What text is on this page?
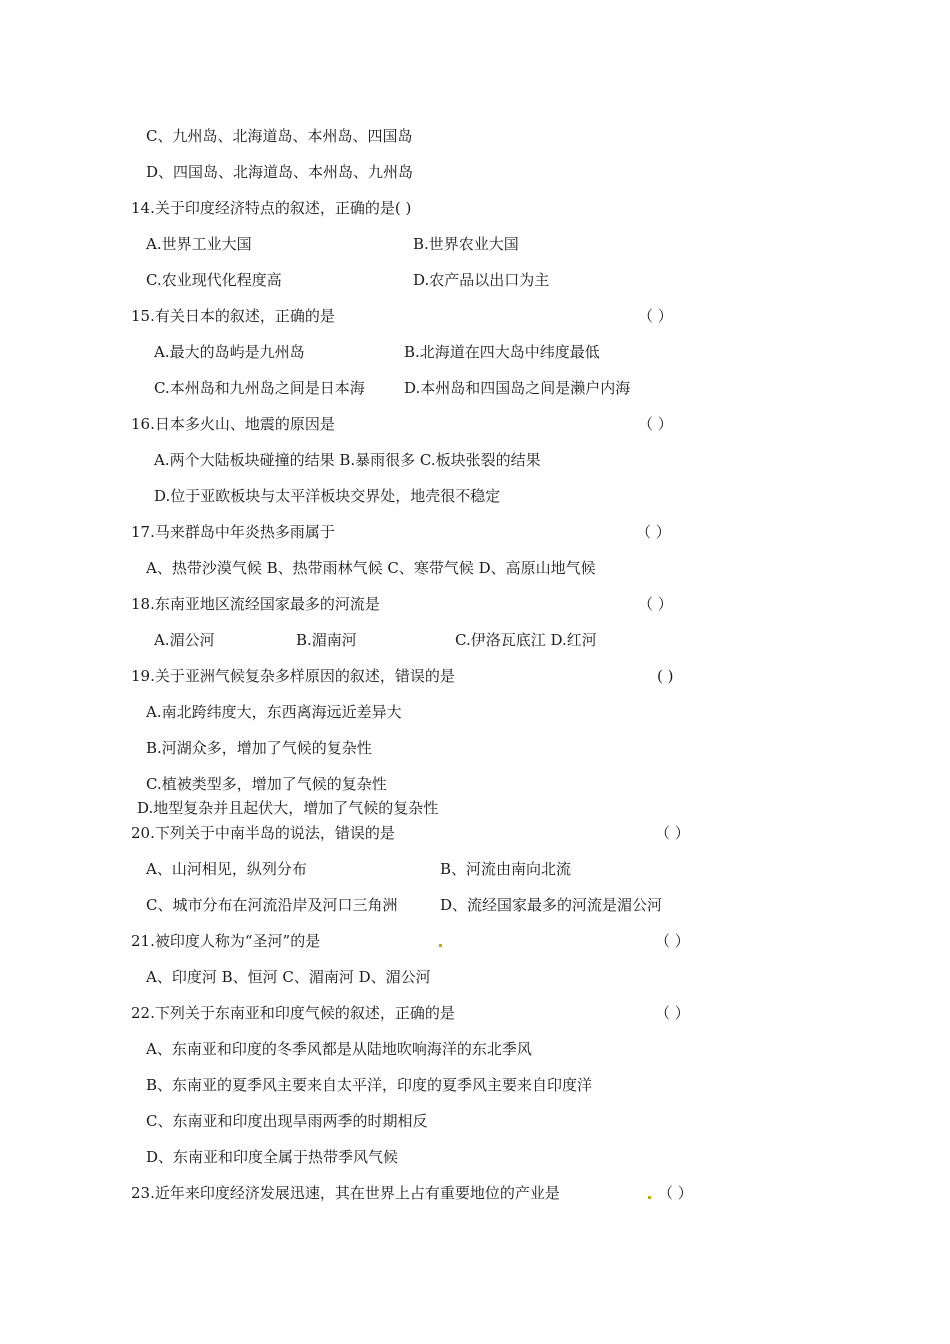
C、九州岛、北海道岛、本州岛、四国岛
D、四国岛、北海道岛、本州岛、九州岛
14.关于印度经济特点的叙述，正确的是( )
A.世界工业大国	B.世界农业大国
C.农业现代化程度高	D.农产品以出口为主
15.有关日本的叙述，正确的是	（ ）
A.最大的岛屿是九州岛	B.北海道在四大岛中纬度最低
C.本州岛和九州岛之间是日本海	D.本州岛和四国岛之间是濑户内海
16.日本多火山、地震的原因是	（ ）
A.两个大陆板块碰撞的结果 B.暴雨很多 C.板块张裂的结果
D.位于亚欧板块与太平洋板块交界处，地壳很不稳定
17.马来群岛中年炎热多雨属于	（ ）
A、热带沙漠气候 B、热带雨林气候 C、寒带气候 D、高原山地气候
18.东南亚地区流经国家最多的河流是	（ ）
A.湄公河	B.湄南河	C.伊洛瓦底江 D.红河
19.关于亚洲气候复杂多样原因的叙述，错误的是	( )
A.南北跨纬度大，东西离海远近差异大
B.河湖众多，增加了气候的复杂性
C.植被类型多，增加了气候的复杂性
D.地型复杂并且起伏大，增加了气候的复杂性
20.下列关于中南半岛的说法，错误的是	（ ）
A、山河相见，纵列分布	B、河流由南向北流
C、城市分布在河流沿岸及河口三角洲	D、流经国家最多的河流是湄公河
21.被印度人称为“圣河”的是	（ ）
A、印度河 B、恒河 C、湄南河 D、湄公河
22.下列关于东南亚和印度气候的叙述，正确的是	（ ）
A、东南亚和印度的冬季风都是从陆地吹响海洋的东北季风
B、东南亚的夏季风主要来自太平洋，印度的夏季风主要来自印度洋
C、东南亚和印度出现旱雨两季的时期相反
D、东南亚和印度全属于热带季风气候
23.近年来印度经济发展迅速，其在世界上占有重要地位的产业是	（ ）
